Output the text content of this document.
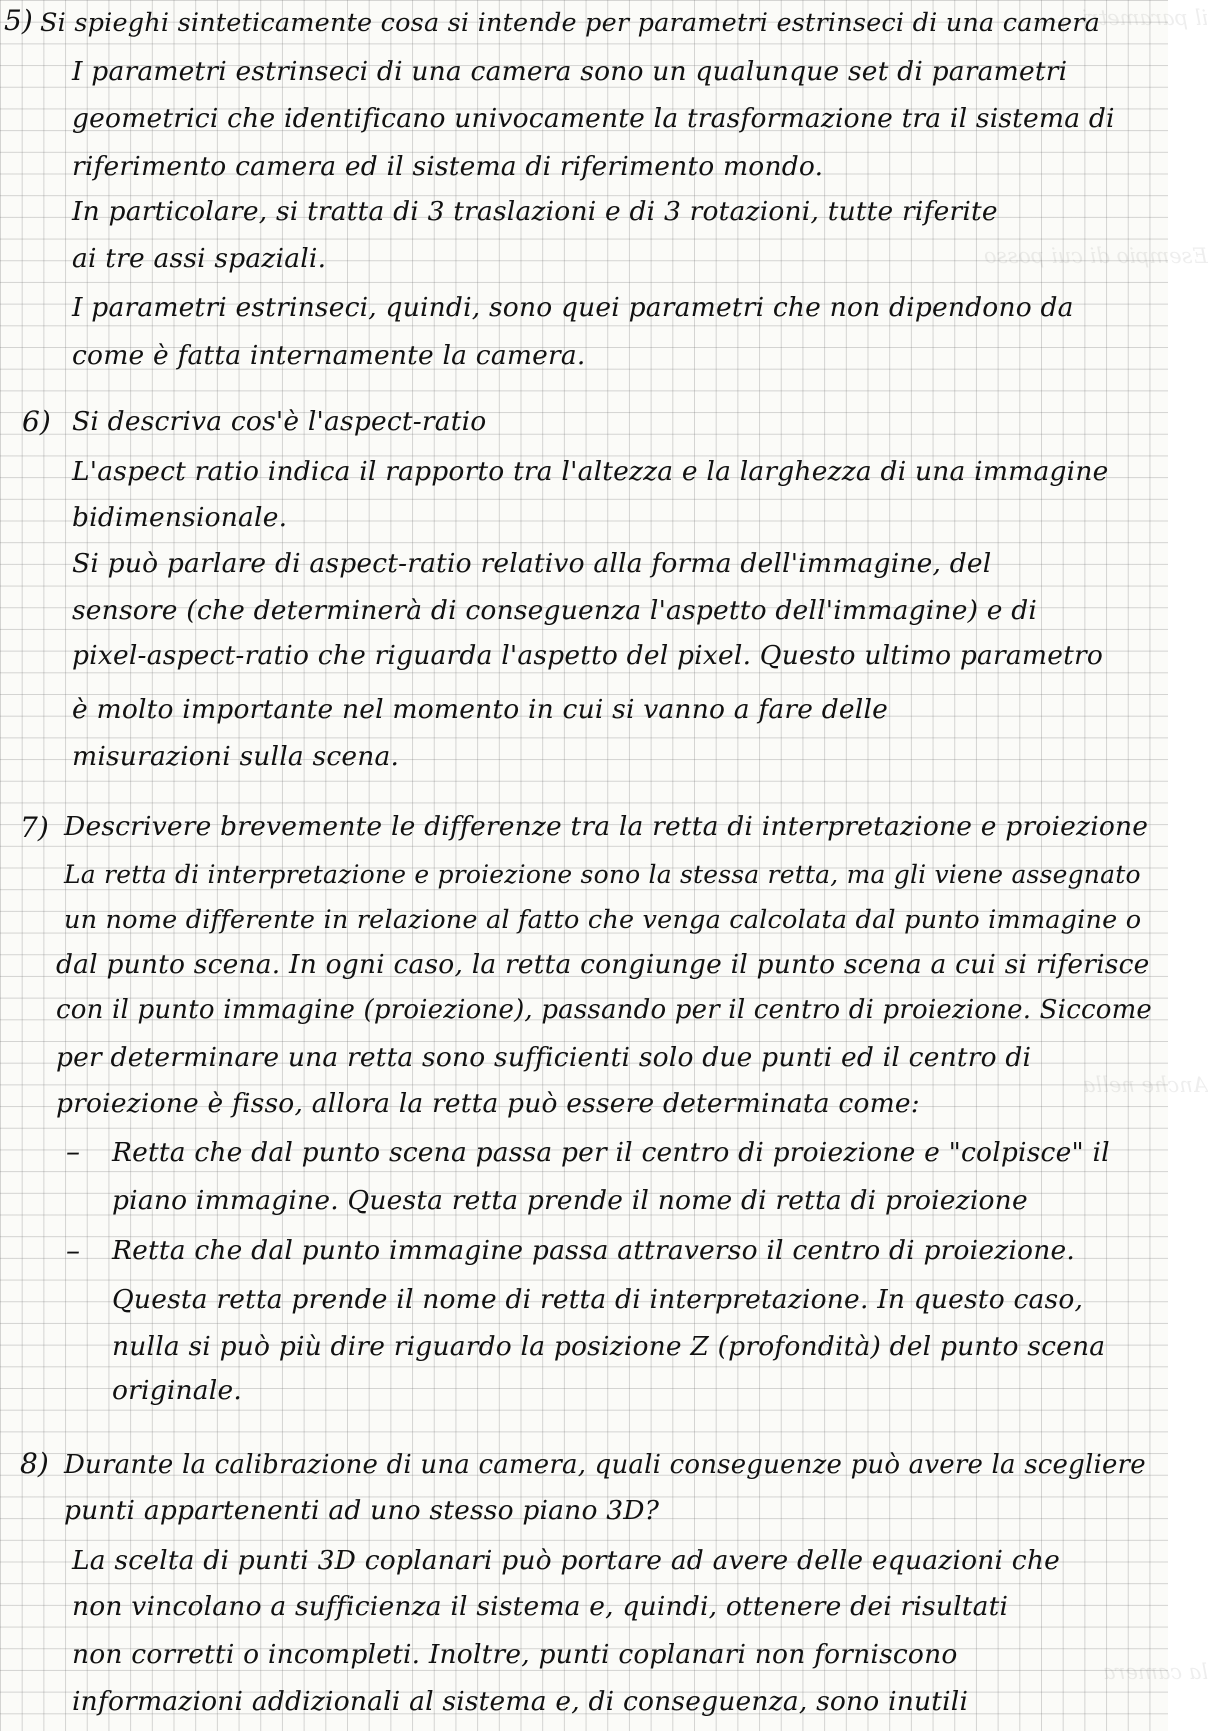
il parametri
Esempio di cui posso
Anche nella
la camera
5) Si spieghi sinteticamente cosa si intende per parametri estrinseci di una camera
I parametri estrinseci di una camera sono un qualunque set di parametri
geometrici che identificano univocamente la trasformazione tra il sistema di
riferimento camera ed il sistema di riferimento mondo.
In particolare, si tratta di 3 traslazioni e di 3 rotazioni, tutte riferite
ai tre assi spaziali.
I parametri estrinseci, quindi, sono quei parametri che non dipendono da
come è fatta internamente la camera.
6) Si descriva cos'è l'aspect-ratio
L'aspect ratio indica il rapporto tra l'altezza e la larghezza di una immagine
bidimensionale.
Si può parlare di aspect-ratio relativo alla forma dell'immagine, del
sensore (che determinerà di conseguenza l'aspetto dell'immagine) e di
pixel-aspect-ratio che riguarda l'aspetto del pixel. Questo ultimo parametro
è molto importante nel momento in cui si vanno a fare delle
misurazioni sulla scena.
7) Descrivere brevemente le differenze tra la retta di interpretazione e proiezione
La retta di interpretazione e proiezione sono la stessa retta, ma gli viene assegnato
un nome differente in relazione al fatto che venga calcolata dal punto immagine o
dal punto scena. In ogni caso, la retta congiunge il punto scena a cui si riferisce
con il punto immagine (proiezione), passando per il centro di proiezione. Siccome
per determinare una retta sono sufficienti solo due punti ed il centro di
proiezione è fisso, allora la retta può essere determinata come:
– Retta che dal punto scena passa per il centro di proiezione e "colpisce" il
piano immagine. Questa retta prende il nome di retta di proiezione
– Retta che dal punto immagine passa attraverso il centro di proiezione.
Questa retta prende il nome di retta di interpretazione. In questo caso,
nulla si può più dire riguardo la posizione Z (profondità) del punto scena
originale.
8) Durante la calibrazione di una camera, quali conseguenze può avere la scegliere
punti appartenenti ad uno stesso piano 3D?
La scelta di punti 3D coplanari può portare ad avere delle equazioni che
non vincolano a sufficienza il sistema e, quindi, ottenere dei risultati
non corretti o incompleti. Inoltre, punti coplanari non forniscono
informazioni addizionali al sistema e, di conseguenza, sono inutili
